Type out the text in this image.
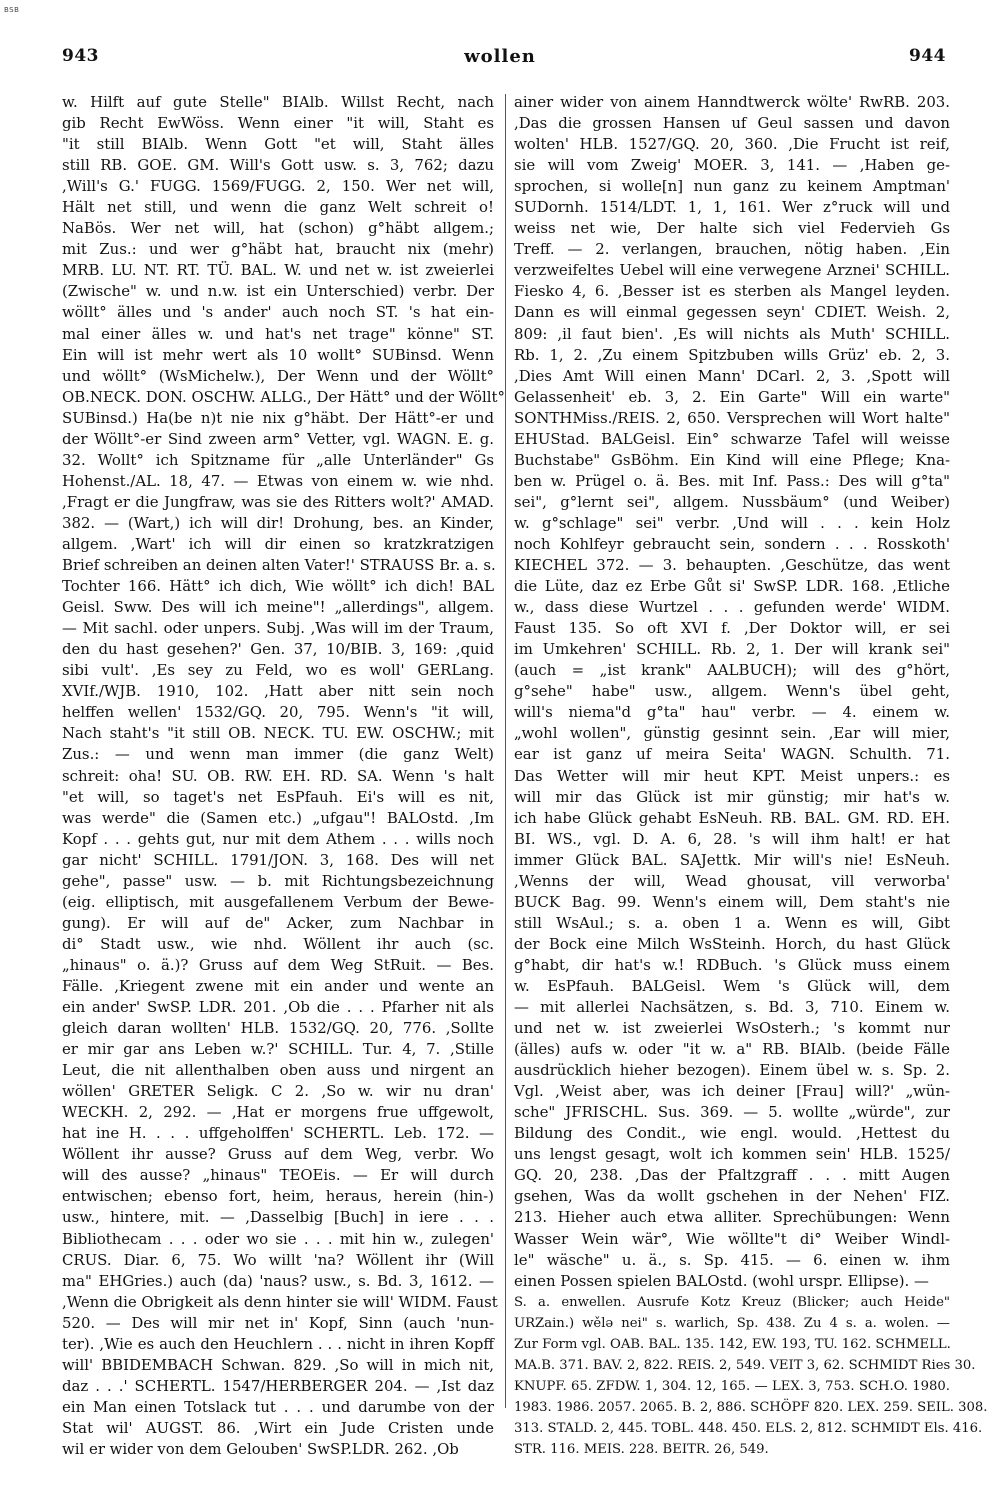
BSB
943	wollen	944
w. Hilft auf gute Stelle" BIAlb. Willst Recht, nach
gib Recht EwWöss. Wenn einer "it will, Staht es
"it still BIAlb. Wenn Gott "et will, Staht älles
still RB. GOE. GM. Will's Gott usw. s. 3, 762; dazu
,Will's G.' FUGG. 1569/FUGG. 2, 150. Wer net will,
Hält net still, und wenn die ganz Welt schreit o!
NaBös. Wer net will, hat (schon) g°häbt allgem.;
mit Zus.: und wer g°häbt hat, braucht nix (mehr)
MRB. LU. NT. RT. TÜ. BAL. W. und net w. ist zweierlei
(Zwische" w. und n.w. ist ein Unterschied) verbr. Der
wöllt° älles und 's ander' auch noch ST. 's hat ein-
mal einer älles w. und hat's net trage" könne" ST.
Ein will ist mehr wert als 10 wollt° SUBinsd. Wenn
und wöllt° (WsMichelw.), Der Wenn und der Wöllt°
OB.NECK. DON. OSCHW. ALLG., Der Hätt° und der Wöllt°
SUBinsd.) Ha(be n)t nie nix g°häbt. Der Hätt°-er und
der Wöllt°-er Sind zween arm° Vetter, vgl. WAGN. E. g.
32. Wollt° ich Spitzname für „alle Unterländer" Gs
Hohenst./AL. 18, 47. — Etwas von einem w. wie nhd.
,Fragt er die Jungfraw, was sie des Ritters wolt?' AMAD.
382. — (Wart,) ich will dir! Drohung, bes. an Kinder,
allgem. ,Wart' ich will dir einen so kratzkratzigen
Brief schreiben an deinen alten Vater!' STRAUSS Br. a. s.
Tochter 166. Hätt° ich dich, Wie wöllt° ich dich! BAL
Geisl. Sww. Des will ich meine"! „allerdings", allgem.
— Mit sachl. oder unpers. Subj. ,Was will im der Traum,
den du hast gesehen?' Gen. 37, 10/BIB. 3, 169: ,quid
sibi vult'. ,Es sey zu Feld, wo es woll' GERLang.
XVIf./WJB. 1910, 102. ,Hatt aber nitt sein noch
helffen wellen' 1532/GQ. 20, 795. Wenn's "it will,
Nach staht's "it still OB. NECK. TU. EW. OSCHW.; mit
Zus.: — und wenn man immer (die ganz Welt)
schreit: oha! SU. OB. RW. EH. RD. SA. Wenn 's halt
"et will, so taget's net EsPfauh. Ei's will es nit,
was werde" die (Samen etc.) „ufgau"! BALOstd. ,Im
Kopf . . . gehts gut, nur mit dem Athem . . . wills noch
gar nicht' SCHILL. 1791/JON. 3, 168. Des will net
gehe", passe" usw. — b. mit Richtungsbezeichnung
(eig. elliptisch, mit ausgefallenem Verbum der Bewe-
gung). Er will auf de" Acker, zum Nachbar in
di° Stadt usw., wie nhd. Wöllent ihr auch (sc.
„hinaus" o. ä.)? Gruss auf dem Weg StRuit. — Bes.
Fälle. ,Kriegent zwene mit ein ander und wente an
ein ander' SwSP. LDR. 201. ,Ob die . . . Pfarher nit als
gleich daran wollten' HLB. 1532/GQ. 20, 776. ,Sollte
er mir gar ans Leben w.?' SCHILL. Tur. 4, 7. ,Stille
Leut, die nit allenthalben oben auss und nirgent an
wöllen' GRETER Seligk. C 2. ,So w. wir nu dran'
WECKH. 2, 292. — ,Hat er morgens frue uffgewolt,
hat ine H. . . . uffgeholffen' SCHERTL. Leb. 172. —
Wöllent ihr ausse? Gruss auf dem Weg, verbr. Wo
will des ausse? „hinaus" TEOEis. — Er will durch
entwischen; ebenso fort, heim, heraus, herein (hin-)
usw., hintere, mit. — ,Dasselbig [Buch] in iere . . .
Bibliothecam . . . oder wo sie . . . mit hin w., zulegen'
CRUS. Diar. 6, 75. Wo willt 'na? Wöllent ihr (Will
ma" EHGries.) auch (da) 'naus? usw., s. Bd. 3, 1612. —
,Wenn die Obrigkeit als denn hinter sie will' WIDM. Faust
520. — Des will mir net in' Kopf, Sinn (auch 'nun-
ter). ,Wie es auch den Heuchlern . . . nicht in ihren Kopff
will' BBIDEMBACH Schwan. 829. ,So will in mich nit,
daz . . .' SCHERTL. 1547/HERBERGER 204. — ,Ist daz
ein Man einen Totslack tut . . . und darumbe von der
Stat wil' AUGST. 86. ,Wirt ein Jude Cristen unde
wil er wider von dem Gelouben' SwSP.LDR. 262. ,Ob
ainer wider von ainem Hanndtwerck wölte' RwRB. 203.
,Das die grossen Hansen uf Geul sassen und davon
wolten' HLB. 1527/GQ. 20, 360. ,Die Frucht ist reif,
sie will vom Zweig' MOER. 3, 141. — ,Haben ge-
sprochen, si wolle[n] nun ganz zu keinem Amptman'
SUDornh. 1514/LDT. 1, 1, 161. Wer z°ruck will und
weiss net wie, Der halte sich viel Federvieh Gs
Treff. — 2. verlangen, brauchen, nötig haben. ,Ein
verzweifeltes Uebel will eine verwegene Arznei' SCHILL.
Fiesko 4, 6. ,Besser ist es sterben als Mangel leyden.
Dann es will einmal gegessen seyn' CDIET. Weish. 2,
809: ,il faut bien'. ,Es will nichts als Muth' SCHILL.
Rb. 1, 2. ,Zu einem Spitzbuben wills Grüz' eb. 2, 3.
,Dies Amt Will einen Mann' DCarl. 2, 3. ,Spott will
Gelassenheit' eb. 3, 2. Ein Garte" Will ein warte"
SONTHMiss./REIS. 2, 650. Versprechen will Wort halte"
EHUStad. BALGeisl. Ein° schwarze Tafel will weisse
Buchstabe" GsBöhm. Ein Kind will eine Pflege; Kna-
ben w. Prügel o. ä. Bes. mit Inf. Pass.: Des will g°ta"
sei", g°lernt sei", allgem. Nussbäum° (und Weiber)
w. g°schlage" sei" verbr. ,Und will . . . kein Holz
noch Kohlfeyr gebraucht sein, sondern . . . Rosskoth'
KIECHEL 372. — 3. behaupten. ,Geschütze, das went
die Lüte, daz ez Erbe Gůt si' SwSP. LDR. 168. ,Etliche
w., dass diese Wurtzel . . . gefunden werde' WIDM.
Faust 135. So oft XVI f. ,Der Doktor will, er sei
im Umkehren' SCHILL. Rb. 2, 1. Der will krank sei"
(auch = „ist krank" AALBUCH); will des g°hört,
g°sehe" habe" usw., allgem. Wenn's übel geht,
will's niema"d g°ta" hau" verbr. — 4. einem w.
„wohl wollen", günstig gesinnt sein. ,Ear will mier,
ear ist ganz uf meira Seita' WAGN. Schulth. 71.
Das Wetter will mir heut KPT. Meist unpers.: es
will mir das Glück ist mir günstig; mir hat's w.
ich habe Glück gehabt EsNeuh. RB. BAL. GM. RD. EH.
BI. WS., vgl. D. A. 6, 28. 's will ihm halt! er hat
immer Glück BAL. SAJettk. Mir will's nie! EsNeuh.
,Wenns der will, Wead ghousat, vill verworba'
BUCK Bag. 99. Wenn's einem will, Dem staht's nie
still WsAul.; s. a. oben 1 a. Wenn es will, Gibt
der Bock eine Milch WsSteinh. Horch, du hast Glück
g°habt, dir hat's w.! RDBuch. 's Glück muss einem
w. EsPfauh. BALGeisl. Wem 's Glück will, dem
— mit allerlei Nachsätzen, s. Bd. 3, 710. Einem w.
und net w. ist zweierlei WsOsterh.; 's kommt nur
(älles) aufs w. oder "it w. a" RB. BIAlb. (beide Fälle
ausdrücklich hieher bezogen). Einem übel w. s. Sp. 2.
Vgl. ,Weist aber, was ich deiner [Frau] will?' „wün-
sche" JFRISCHL. Sus. 369. — 5. wollte „würde", zur
Bildung des Condit., wie engl. would. ,Hettest du
uns lengst gesagt, wolt ich kommen sein' HLB. 1525/
GQ. 20, 238. ,Das der Pfaltzgraff . . . mitt Augen
gsehen, Was da wollt gschehen in der Nehen' FIZ.
213. Hieher auch etwa alliter. Sprechübungen: Wenn
Wasser Wein wär°, Wie wöllte"t di° Weiber Windl-
le" wäsche" u. ä., s. Sp. 415. — 6. einen w. ihm
einen Possen spielen BALOstd. (wohl urspr. Ellipse). —
S. a. enwellen. Ausrufe Kotz Kreuz (Blicker; auch Heide"
URZain.) wělǝ nei" s. warlich, Sp. 438. Zu 4 s. a. wolen. —
Zur Form vgl. OAB. BAL. 135. 142, EW. 193, TU. 162. SCHMELL.
MA.B. 371. BAV. 2, 822. REIS. 2, 549. VEIT 3, 62. SCHMIDT Ries 30.
KNUPF. 65. ZFDW. 1, 304. 12, 165. — LEX. 3, 753. SCH.O. 1980.
1983. 1986. 2057. 2065. B. 2, 886. SCHÖPF 820. LEX. 259. SEIL. 308.
313. STALD. 2, 445. TOBL. 448. 450. ELS. 2, 812. SCHMIDT Els. 416.
STR. 116. MEIS. 228. BEITR. 26, 549.
